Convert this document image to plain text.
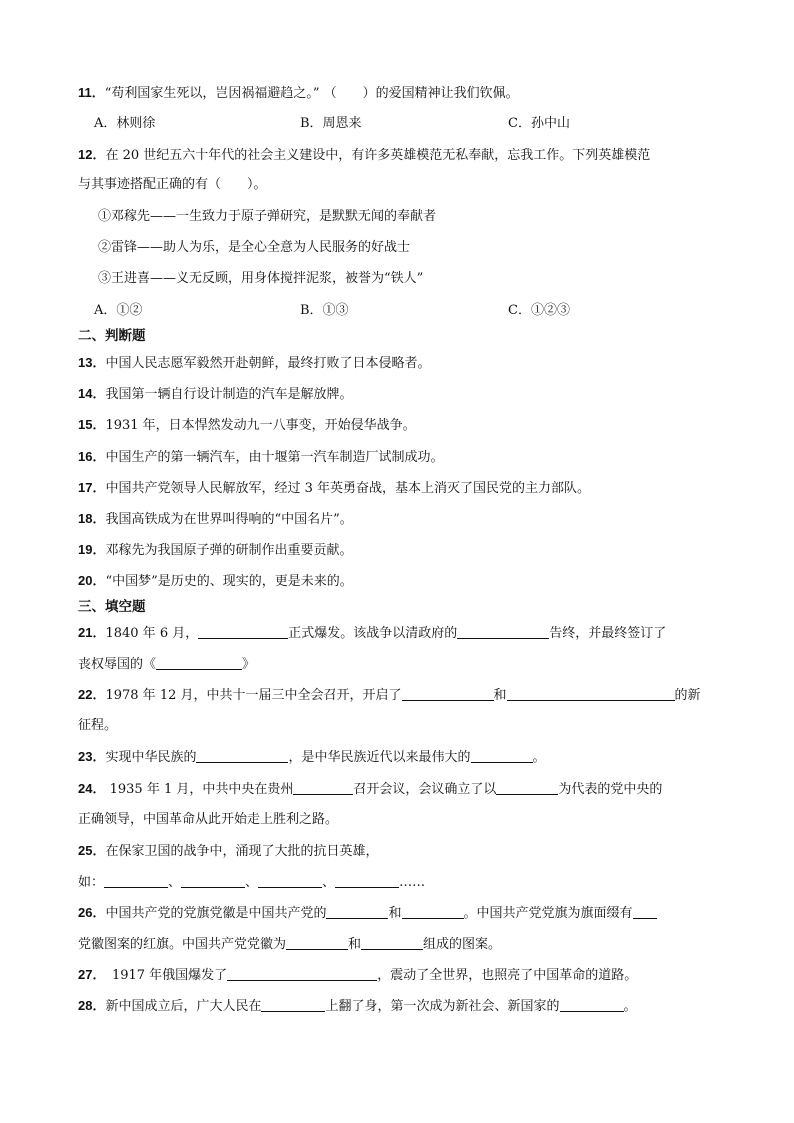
11．“苟利国家生死以，岂因祸福避趋之。” （　　）的爱国精神让我们钦佩。
A．林则徐	B．周恩来	C．孙中山
12．在 20 世纪五六十年代的社会主义建设中，有许多英雄模范无私奉献，忘我工作。下列英雄模范
与其事迹搭配正确的有（　　）。
①邓稼先——一生致力于原子弹研究，是默默无闻的奉献者
②雷锋——助人为乐，是全心全意为人民服务的好战士
③王进喜——义无反顾，用身体搅拌泥浆，被誉为“铁人”
A．①②	B．①③	C．①②③
二、判断题
13．中国人民志愿军毅然开赴朝鲜，最终打败了日本侵略者。
14．我国第一辆自行设计制造的汽车是解放牌。
15．1931 年，日本悍然发动九一八事变，开始侵华战争。
16．中国生产的第一辆汽车，由十堰第一汽车制造厂试制成功。
17．中国共产党领导人民解放军，经过 3 年英勇奋战，基本上消灭了国民党的主力部队。
18．我国高铁成为在世界叫得响的“中国名片”。
19．邓稼先为我国原子弹的研制作出重要贡献。
20．“中国梦”是历史的、现实的，更是未来的。
三、填空题
21．1840 年 6 月，	正式爆发。该战争以清政府的	告终，并最终签订了
丧权辱国的《	》
22．1978 年 12 月，中共十一届三中全会召开，开启了	和	的新
征程。
23．实现中华民族的	，是中华民族近代以来最伟大的	。
24． 1935 年 1 月，中共中央在贵州	召开会议，会议确立了以	为代表的党中央的
正确领导，中国革命从此开始走上胜利之路。
25．在保家卫国的战争中，涌现了大批的抗日英雄，
如：	、	、	、	……
26．中国共产党的党旗党徽是中国共产党的	和	。中国共产党党旗为旗面缀有
党徽图案的红旗。中国共产党党徽为	和	组成的图案。
27．　1917 年俄国爆发了	，震动了全世界，也照亮了中国革命的道路。
28．新中国成立后，广大人民在	上翻了身，第一次成为新社会、新国家的	。
